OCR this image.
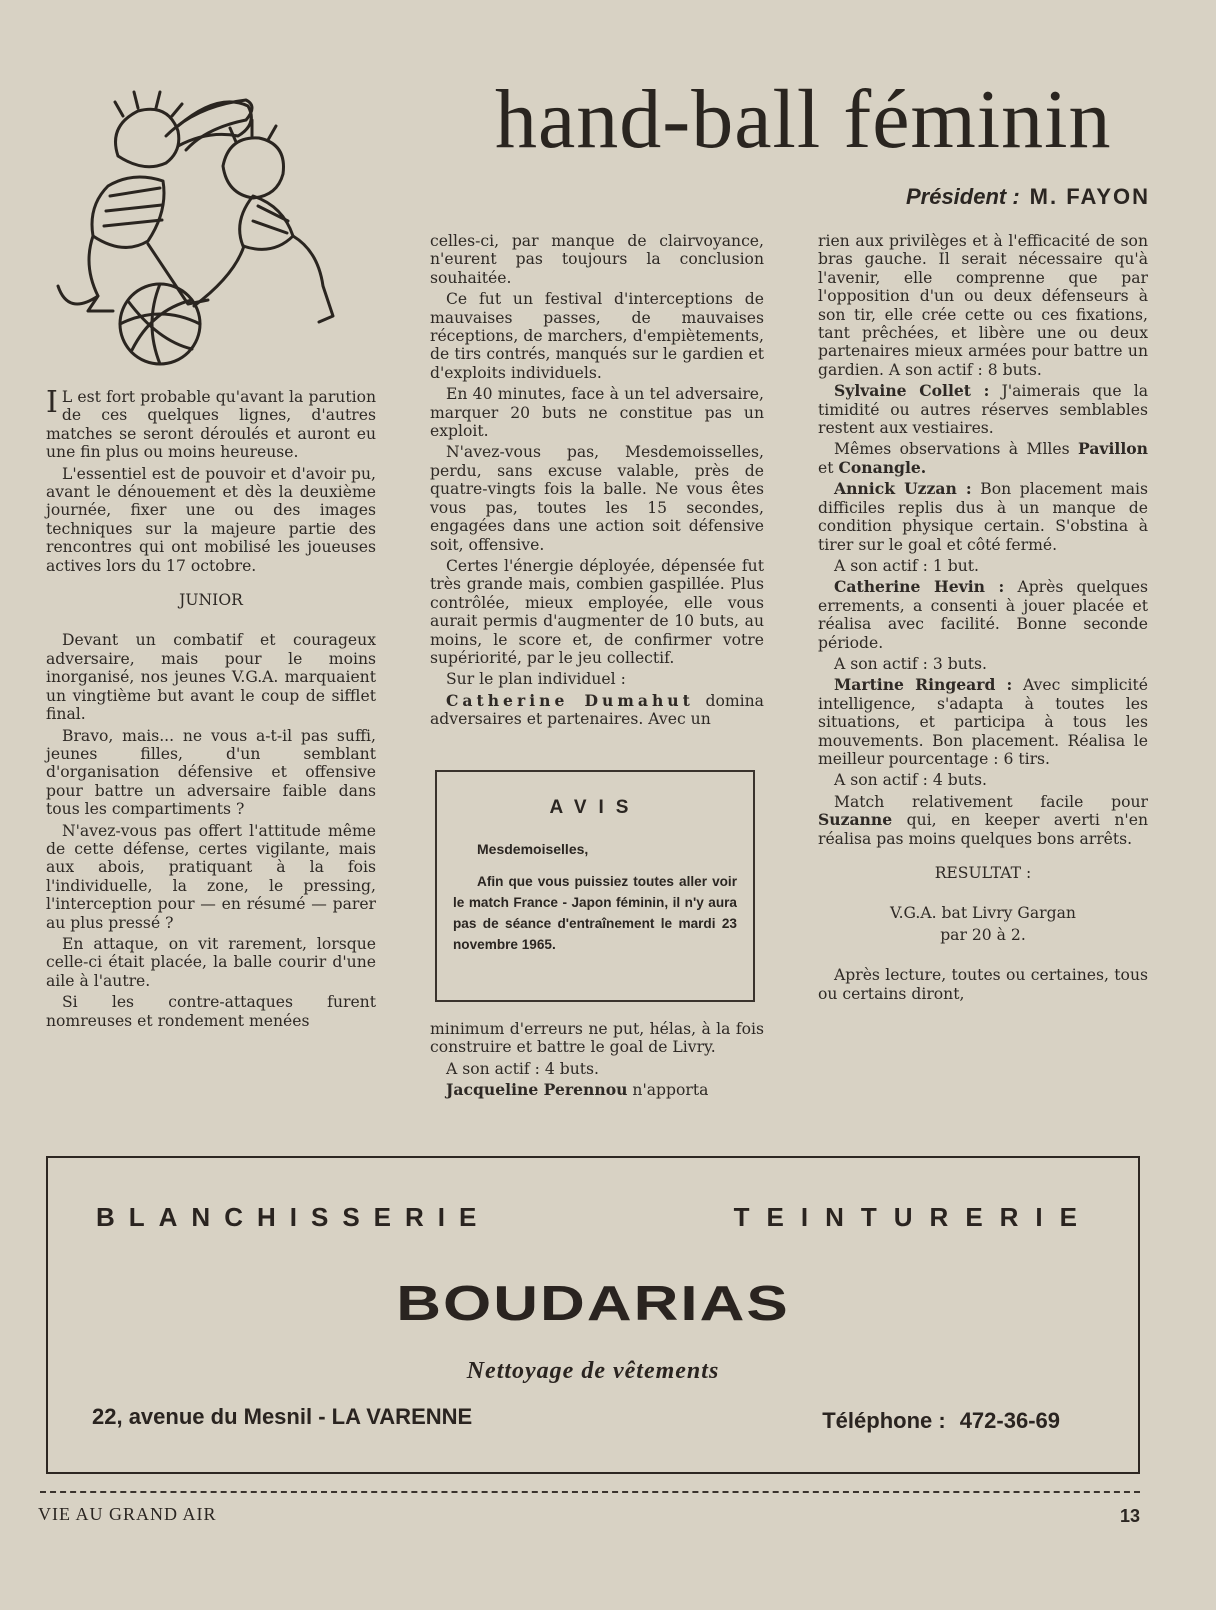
hand-ball féminin
Président : M. FAYON

I L est fort probable qu'avant la parution de ces quelques lignes, d'autres matches se seront déroulés et auront eu une fin plus ou moins heureuse.

L'essentiel est de pouvoir et d'avoir pu, avant le dénouement et dès la deuxième journée, fixer une ou des images techniques sur la majeure partie des rencontres qui ont mobilisé les joueuses actives lors du 17 octobre.

JUNIOR

Devant un combatif et courageux adversaire, mais pour le moins inorganisé, nos jeunes V.G.A. marquaient un vingtième but avant le coup de sifflet final.

Bravo, mais... ne vous a-t-il pas suffi, jeunes filles, d'un semblant d'organisation défensive et offensive pour battre un adversaire faible dans tous les compartiments ?

N'avez-vous pas offert l'attitude même de cette défense, certes vigilante, mais aux abois, pratiquant à la fois l'individuelle, la zone, le pressing, l'interception pour — en résumé — parer au plus pressé ?

En attaque, on vit rarement, lorsque celle-ci était placée, la balle courir d'une aile à l'autre.

Si les contre-attaques furent nomreuses et rondement menées

celles-ci, par manque de clairvoyance, n'eurent pas toujours la conclusion souhaitée.

Ce fut un festival d'interceptions de mauvaises passes, de mauvaises réceptions, de marchers, d'empiètements, de tirs contrés, manqués sur le gardien et d'exploits individuels.

En 40 minutes, face à un tel adversaire, marquer 20 buts ne constitue pas un exploit.

N'avez-vous pas, Mesdemoisselles, perdu, sans excuse valable, près de quatre-vingts fois la balle. Ne vous êtes vous pas, toutes les 15 secondes, engagées dans une action soit défensive soit, offensive.

Certes l'énergie déployée, dépensée fut très grande mais, combien gaspillée. Plus contrôlée, mieux employée, elle vous aurait permis d'augmenter de 10 buts, au moins, le score et, de confirmer votre supériorité, par le jeu collectif.

Sur le plan individuel :

Catherine Dumahut domina adversaires et partenaires. Avec un

AVIS
Mesdemoiselles,
Afin que vous puissiez toutes aller voir le match France - Japon féminin, il n'y aura pas de séance d'entraînement le mardi 23 novembre 1965.

minimum d'erreurs ne put, hélas, à la fois construire et battre le goal de Livry.

A son actif : 4 buts.

Jacqueline Perennou n'apporta

rien aux privilèges et à l'efficacité de son bras gauche. Il serait nécessaire qu'à l'avenir, elle comprenne que par l'opposition d'un ou deux défenseurs à son tir, elle crée cette ou ces fixations, tant prêchées, et libère une ou deux partenaires mieux armées pour battre un gardien. A son actif : 8 buts.

Sylvaine Collet : J'aimerais que la timidité ou autres réserves semblables restent aux vestiaires.

Mêmes observations à Mlles Pavillon et Conangle.

Annick Uzzan : Bon placement mais difficiles replis dus à un manque de condition physique certain. S'obstina à tirer sur le goal et côté fermé.

A son actif : 1 but.

Catherine Hevin : Après quelques errements, a consenti à jouer placée et réalisa avec facilité. Bonne seconde période.

A son actif : 3 buts.

Martine Ringeard : Avec simplicité intelligence, s'adapta à toutes les situations, et participa à tous les mouvements. Bon placement. Réalisa le meilleur pourcentage : 6 tirs.

A son actif : 4 buts.

Match relativement facile pour Suzanne qui, en keeper averti n'en réalisa pas moins quelques bons arrêts.

RESULTAT :

V.G.A. bat Livry Gargan

par 20 à 2.

Après lecture, toutes ou certaines, tous ou certains diront,

BLANCHISSERIE	TEINTURERIE
BOUDARIAS
Nettoyage de vêtements
22, avenue du Mesnil - LA VARENNE	Téléphone : 472-36-69
VIE AU GRAND AIR	13
